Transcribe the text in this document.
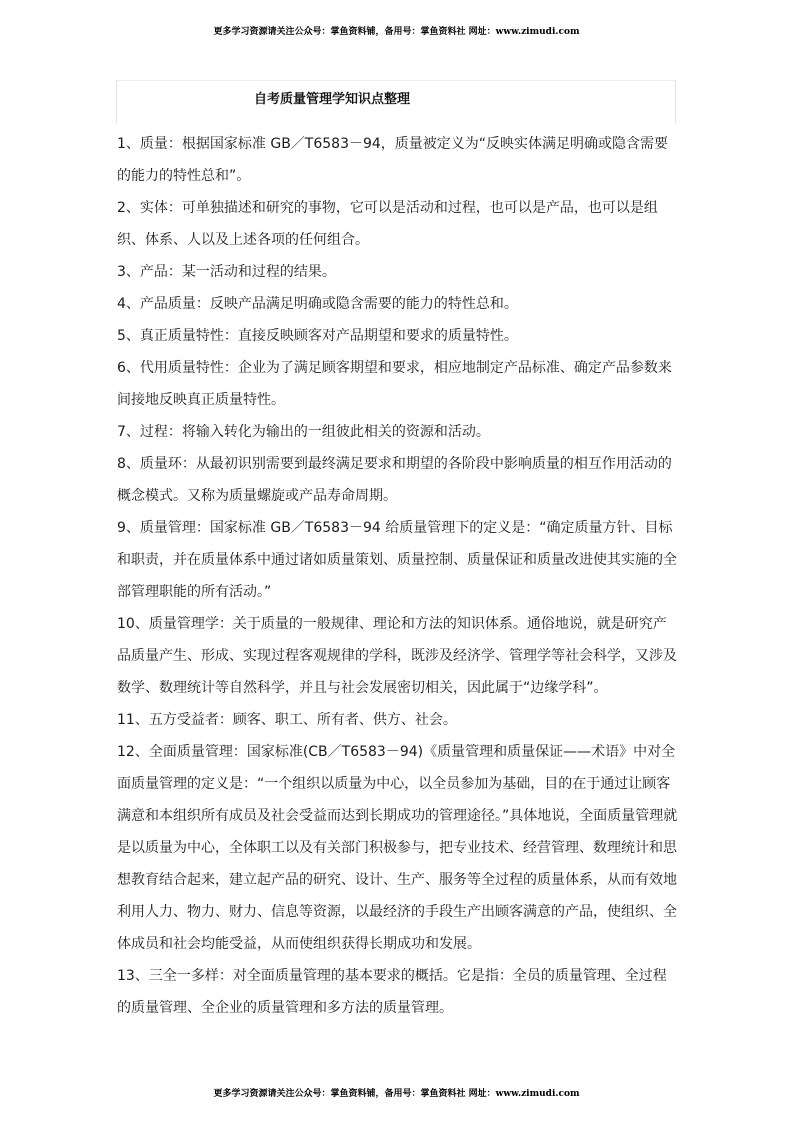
更多学习资源请关注公众号：掌鱼资料铺，备用号：掌鱼资料社 网址：www.zimudi.com
自考质量管理学知识点整理

1、质量：根据国家标准 GB／T6583－94，质量被定义为“反映实体满足明确或隐含需要的能力的特性总和”。

2、实体：可单独描述和研究的事物，它可以是活动和过程，也可以是产品，也可以是组织、体系、人以及上述各项的任何组合。

3、产品：某一活动和过程的结果。

4、产品质量：反映产品满足明确或隐含需要的能力的特性总和。

5、真正质量特性：直接反映顾客对产品期望和要求的质量特性。

6、代用质量特性：企业为了满足顾客期望和要求，相应地制定产品标准、确定产品参数来间接地反映真正质量特性。

7、过程：将输入转化为输出的一组彼此相关的资源和活动。

8、质量环：从最初识别需要到最终满足要求和期望的各阶段中影响质量的相互作用活动的概念模式。又称为质量螺旋或产品寿命周期。

9、质量管理：国家标准 GB／T6583－94 给质量管理下的定义是：“确定质量方针、目标和职责，并在质量体系中通过诸如质量策划、质量控制、质量保证和质量改进使其实施的全部管理职能的所有活动。”

10、质量管理学：关于质量的一般规律、理论和方法的知识体系。通俗地说，就是研究产品质量产生、形成、实现过程客观规律的学科，既涉及经济学、管理学等社会科学，又涉及数学、数理统计等自然科学，并且与社会发展密切相关，因此属于“边缘学科”。

11、五方受益者：顾客、职工、所有者、供方、社会。

12、全面质量管理：国家标准(CB／T6583－94)《质量管理和质量保证——术语》中对全面质量管理的定义是：“一个组织以质量为中心，以全员参加为基础，目的在于通过让顾客满意和本组织所有成员及社会受益而达到长期成功的管理途径。”具体地说，全面质量管理就是以质量为中心，全体职工以及有关部门积极参与，把专业技术、经营管理、数理统计和思想教育结合起来，建立起产品的研究、设计、生产、服务等全过程的质量体系，从而有效地利用人力、物力、财力、信息等资源，以最经济的手段生产出顾客满意的产品，使组织、全体成员和社会均能受益，从而使组织获得长期成功和发展。

13、三全一多样：对全面质量管理的基本要求的概括。它是指：全员的质量管理、全过程的质量管理、全企业的质量管理和多方法的质量管理。

更多学习资源请关注公众号：掌鱼资料铺，备用号：掌鱼资料社 网址：www.zimudi.com
